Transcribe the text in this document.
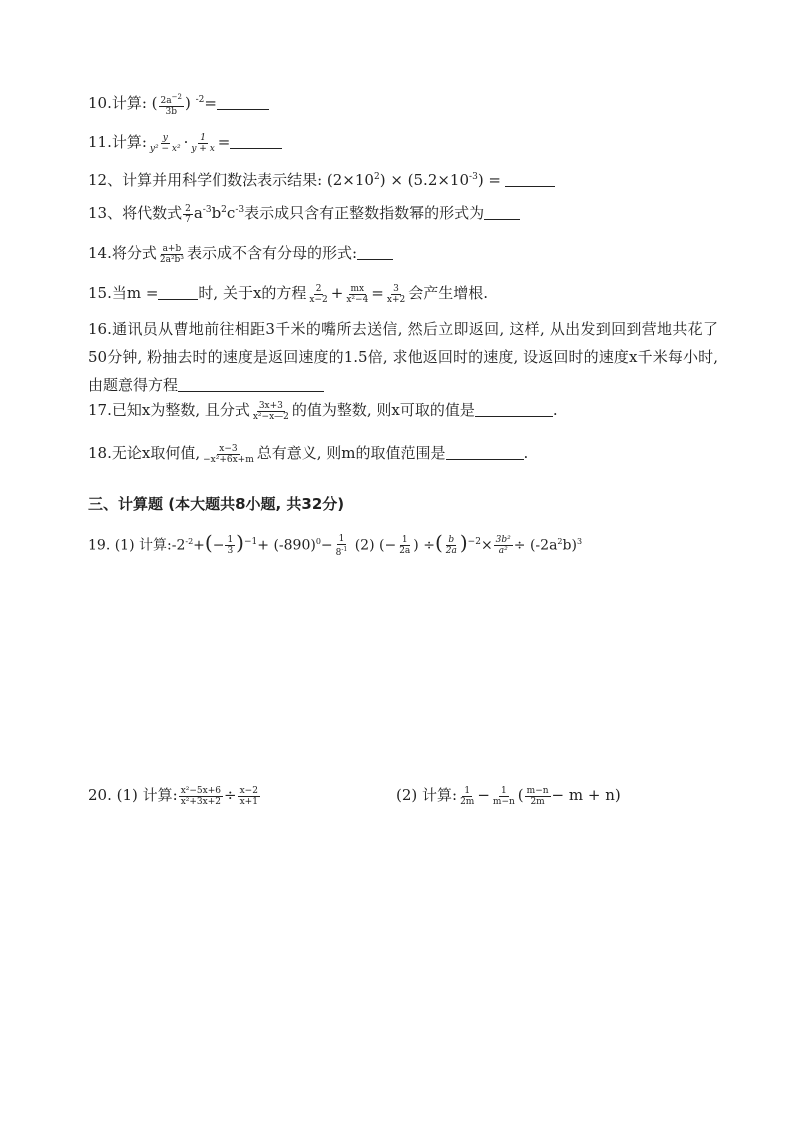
10.计算: ( $\frac{2a^{-2}}{3b}$ ) $^{-2}$=
11.计算: $\frac{y}{\text{y² − x²}} \cdot \frac{1}{y + x}$ =
12、计算并用科学们数法表示结果: $(2\times 10^2) \times (5.2\times 10^{-3})$ =
13、将代数式 $\frac{2}{7} a^{-3}b^2c^{-3}$表示成只含有正整数指数幂的形式为
14.将分式 $\frac{a+b}{\text{2a²b³}}$ 表示成不含有分母的形式:
15.当m =	时, 关于x的方程 $\frac{2}{x-2} + \frac{mx}{\text{x²−4}} = \frac{3}{x+2}$ 会产生增根.
16.通讯员从曹地前往相距3千米的嘴所去送信, 然后立即返回, 这样, 从出发到回到营地共花了50分钟, 粉抽去时的速度是返回速度的1.5倍, 求他返回时的速度, 设返回时的速度x千米每小时, 由题意得方程
17.已知x为整数, 且分式 $\frac{3x+3}{\text{x²−x—2}}$ 的值为整数, 则x可取的值是	.
18.无论x取何值, $\frac{x-3}{\text{−x²+6x+m}}$ 总有意义, 则m的取值范围是	.
三、计算题 (本大题共8小题, 共32分)
19. (1) 计算$:-2^{-2}+(- \frac{1}{3} )^{-1}+ (-890)^0- \frac{1}{8^{-1}} (2)$ (− $\frac{1}{2a}$ ) ÷( $\frac{b}{2a} )^{-2}\times \frac{\text{3b²}}{\text{a²}} \div (-2a^2b)^3$
20. (1) 计算: $\frac{\text{x²−5x+6}}{\text{x²+3x+2}} \div \frac{x-2}{x+1}$	(2) 计算: $\frac{1}{2m} - \frac{1}{m-n}$ ( $\frac{m-n}{2m} - m + n$)
